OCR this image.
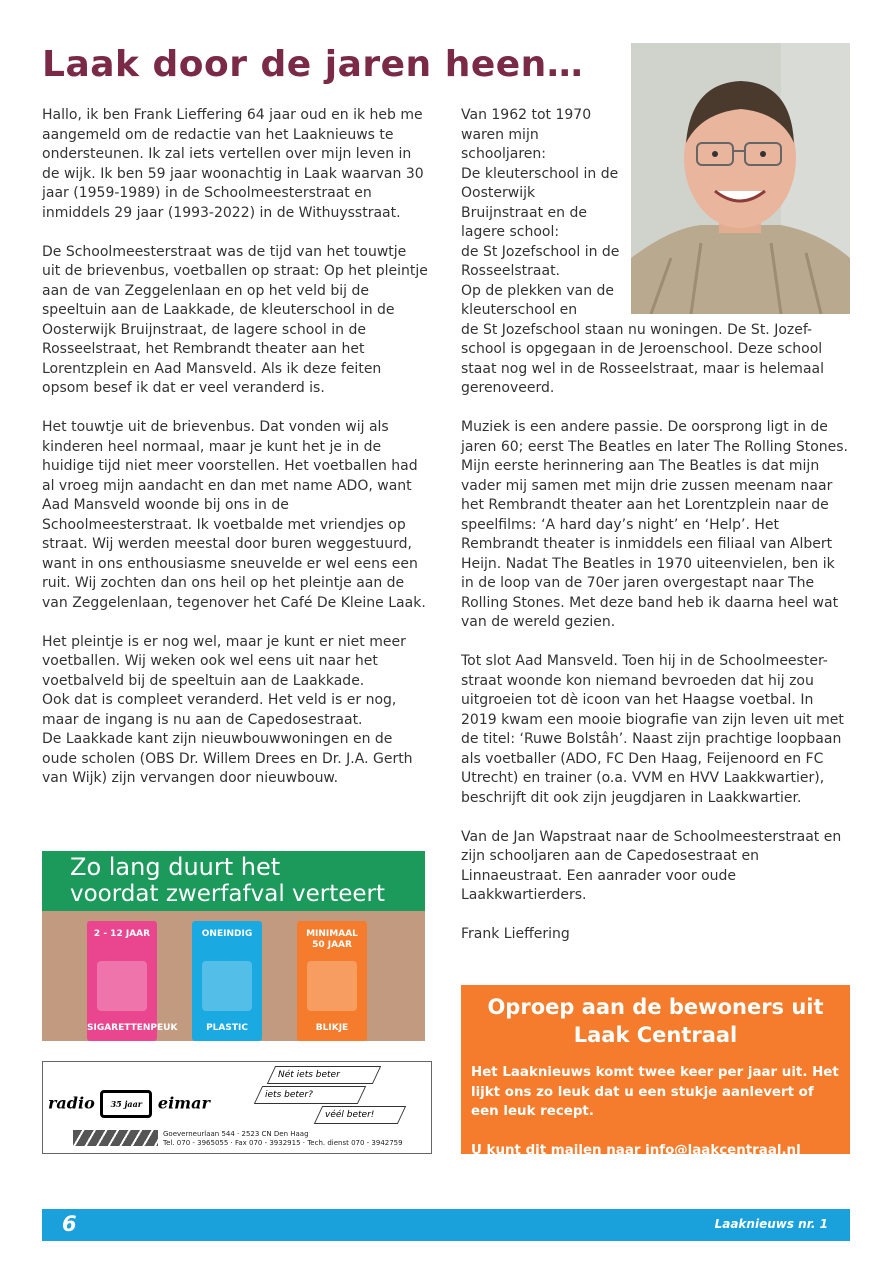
Laak door de jaren heen…

Hallo, ik ben Frank Lieffering 64 jaar oud en ik heb me aangemeld om de redactie van het Laaknieuws te ondersteunen. Ik zal iets vertellen over mijn leven in de wijk. Ik ben 59 jaar woonachtig in Laak waarvan 30 jaar (1959-1989) in de Schoolmeesterstraat en inmiddels 29 jaar (1993-2022) in de Withuysstraat.

De Schoolmeesterstraat was de tijd van het touwtje uit de brievenbus, voetballen op straat: Op het pleintje aan de van Zeggelenlaan en op het veld bij de speeltuin aan de Laakkade, de kleuterschool in de Oosterwijk Bruijnstraat, de lagere school in de Rosseelstraat, het Rembrandt theater aan het Lorentzplein en Aad Mansveld. Als ik deze feiten opsom besef ik dat er veel veranderd is.

Het touwtje uit de brievenbus. Dat vonden wij als kinderen heel normaal, maar je kunt het je in de huidige tijd niet meer voorstellen. Het voetballen had al vroeg mijn aandacht en dan met name ADO, want Aad Mansveld woonde bij ons in de Schoolmeesterstraat. Ik voetbalde met vriendjes op straat. Wij werden meestal door buren weggestuurd, want in ons enthousiasme sneuvelde er wel eens een ruit. Wij zochten dan ons heil op het pleintje aan de van Zeggelenlaan, tegenover het Café De Kleine Laak.

Het pleintje is er nog wel, maar je kunt er niet meer voetballen. Wij weken ook wel eens uit naar het voetbalveld bij de speeltuin aan de Laakkade.
Ook dat is compleet veranderd. Het veld is er nog, maar de ingang is nu aan de Capedosestraat.
De Laakkade kant zijn nieuwbouwwoningen en de oude scholen (OBS Dr. Willem Drees en Dr. J.A. Gerth van Wijk) zijn vervangen door nieuwbouw.

Van 1962 tot 1970 waren mijn schooljaren:
De kleuterschool in de Oosterwijk Bruijnstraat en de lagere school:
de St Jozefschool in de Rosseelstraat.
Op de plekken van de kleuterschool en

de St Jozefschool staan nu woningen. De St. Jozef-school is opgegaan in de Jeroenschool. Deze school staat nog wel in de Rosseelstraat, maar is helemaal gerenoveerd.

Muziek is een andere passie. De oorsprong ligt in de jaren 60; eerst The Beatles en later The Rolling Stones. Mijn eerste herinnering aan The Beatles is dat mijn vader mij samen met mijn drie zussen meenam naar het Rembrandt theater aan het Lorentzplein naar de speelfilms: ‘A hard day’s night’ en ‘Help’. Het Rembrandt theater is inmiddels een filiaal van Albert Heijn. Nadat The Beatles in 1970 uiteenvielen, ben ik in de loop van de 70er jaren overgestapt naar The Rolling Stones. Met deze band heb ik daarna heel wat van de wereld gezien.

Tot slot Aad Mansveld. Toen hij in de Schoolmeester-straat woonde kon niemand bevroeden dat hij zou uitgroeien tot dè icoon van het Haagse voetbal. In 2019 kwam een mooie biografie van zijn leven uit met de titel: ‘Ruwe Bolstâh’. Naast zijn prachtige loopbaan als voetballer (ADO, FC Den Haag, Feijenoord en FC Utrecht) en trainer (o.a. VVM en HVV Laakkwartier), beschrijft dit ook zijn jeugdjaren in Laakkwartier.

Van de Jan Wapstraat naar de Schoolmeesterstraat en zijn schooljaren aan de Capedosestraat en Linnaeustraat. Een aanrader voor oude Laakkwartierders.

Frank Lieffering

Zo lang duurt het
voordat zwerfafval verteert
2 - 12 JAAR
SIGARETTENPEUK
ONEINDIG
PLASTIC
MINIMAAL
50 JAAR
BLIKJE
radio 35 jaar eimar
Nét iets beter
iets beter?
véél beter!
Goeverneurlaan 544 · 2523 CN Den Haag
Tel. 070 - 3965055 · Fax 070 - 3932915 · Tech. dienst 070 - 3942759
Oproep aan de bewoners uit Laak Centraal

Het Laaknieuws komt twee keer per jaar uit. Het lijkt ons zo leuk dat u een stukje aanlevert of een leuk recept.

U kunt dit mailen naar info@laakcentraal.nl

6	Laaknieuws nr. 1
